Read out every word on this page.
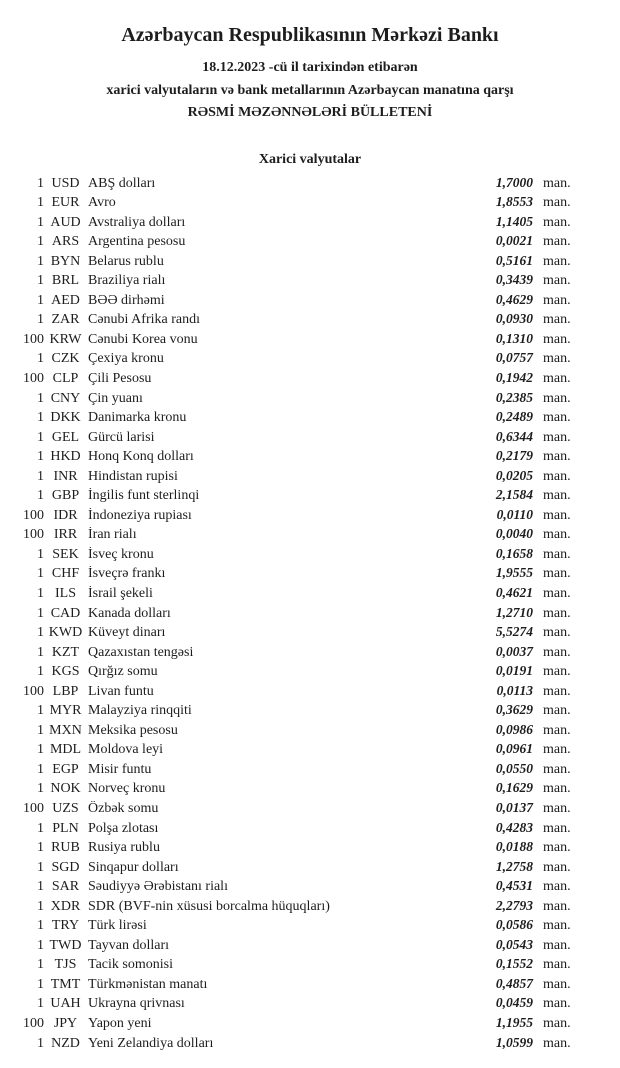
Azərbaycan Respublikasının Mərkəzi Bankı
18.12.2023 -cü il tarixindən etibarən
xarici valyutaların və bank metallarının Azərbaycan manatına qarşı
RƏSMİ MƏZƏNNƏLƏRİ BÜLLETENİ
Xarici valyutalar
1 USD ABŞ dolları	1,7000 man.
1 EUR Avro	1,8553 man.
1 AUD Avstraliya dolları	1,1405 man.
1 ARS Argentina pesosu	0,0021 man.
1 BYN Belarus rublu	0,5161 man.
1 BRL Braziliya rialı	0,3439 man.
1 AED BƏƏ dirhəmi	0,4629 man.
1 ZAR Cənubi Afrika randı	0,0930 man.
100 KRW Cənubi Korea vonu	0,1310 man.
1 CZK Çexiya kronu	0,0757 man.
100 CLP Çili Pesosu	0,1942 man.
1 CNY Çin yuanı	0,2385 man.
1 DKK Danimarka kronu	0,2489 man.
1 GEL Gürcü larisi	0,6344 man.
1 HKD Honq Konq dolları	0,2179 man.
1 INR Hindistan rupisi	0,0205 man.
1 GBP İngilis funt sterlinqi	2,1584 man.
100 IDR İndoneziya rupiası	0,0110 man.
100 IRR İran rialı	0,0040 man.
1 SEK İsveç kronu	0,1658 man.
1 CHF İsveçrə frankı	1,9555 man.
1 ILS İsrail şekeli	0,4621 man.
1 CAD Kanada dolları	1,2710 man.
1 KWD Küveyt dinarı	5,5274 man.
1 KZT Qazaxıstan tengəsi	0,0037 man.
1 KGS Qırğız somu	0,0191 man.
100 LBP Livan funtu	0,0113 man.
1 MYR Malayziya rinqqiti	0,3629 man.
1 MXN Meksika pesosu	0,0986 man.
1 MDL Moldova leyi	0,0961 man.
1 EGP Misir funtu	0,0550 man.
1 NOK Norveç kronu	0,1629 man.
100 UZS Özbək somu	0,0137 man.
1 PLN Polşa zlotası	0,4283 man.
1 RUB Rusiya rublu	0,0188 man.
1 SGD Sinqapur dolları	1,2758 man.
1 SAR Səudiyyə Ərəbistanı rialı	0,4531 man.
1 XDR SDR (BVF-nin xüsusi borcalma hüquqları)	2,2793 man.
1 TRY Türk lirəsi	0,0586 man.
1 TWD Tayvan dolları	0,0543 man.
1 TJS Tacik somonisi	0,1552 man.
1 TMT Türkmənistan manatı	0,4857 man.
1 UAH Ukrayna qrivnası	0,0459 man.
100 JPY Yapon yeni	1,1955 man.
1 NZD Yeni Zelandiya dolları	1,0599 man.
